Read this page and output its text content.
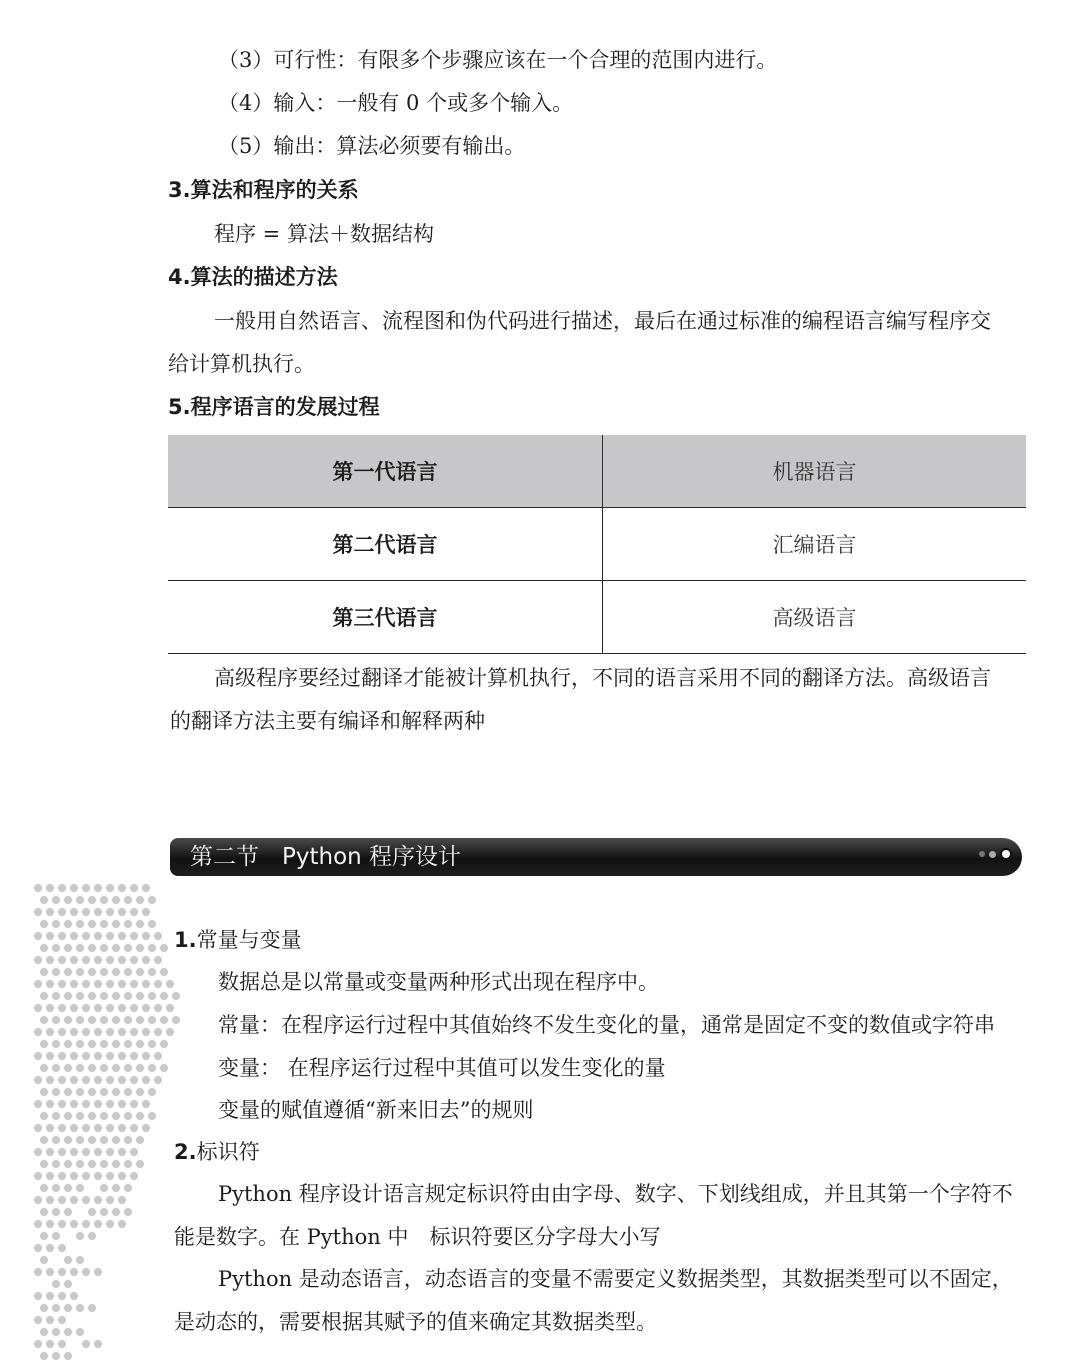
（3）可行性：有限多个步骤应该在一个合理的范围内进行。
（4）输入：一般有 0 个或多个输入。
（5）输出：算法必须要有输出。
3.算法和程序的关系
程序 = 算法＋数据结构
4.算法的描述方法
一般用自然语言、流程图和伪代码进行描述，最后在通过标准的编程语言编写程序交
给计算机执行。
5.程序语言的发展过程
第一代语言	机器语言
第二代语言	汇编语言
第三代语言	高级语言
高级程序要经过翻译才能被计算机执行，不同的语言采用不同的翻译方法。高级语言
的翻译方法主要有编译和解释两种
第二节　Python 程序设计
1.常量与变量
数据总是以常量或变量两种形式出现在程序中。
常量：在程序运行过程中其值始终不发生变化的量，通常是固定不变的数值或字符串
变量： 在程序运行过程中其值可以发生变化的量
变量的赋值遵循“新来旧去”的规则
2.标识符
Python 程序设计语言规定标识符由由字母、数字、下划线组成，并且其第一个字符不
能是数字。在 Python 中　标识符要区分字母大小写
Python 是动态语言，动态语言的变量不需要定义数据类型，其数据类型可以不固定，
是动态的，需要根据其赋予的值来确定其数据类型。
